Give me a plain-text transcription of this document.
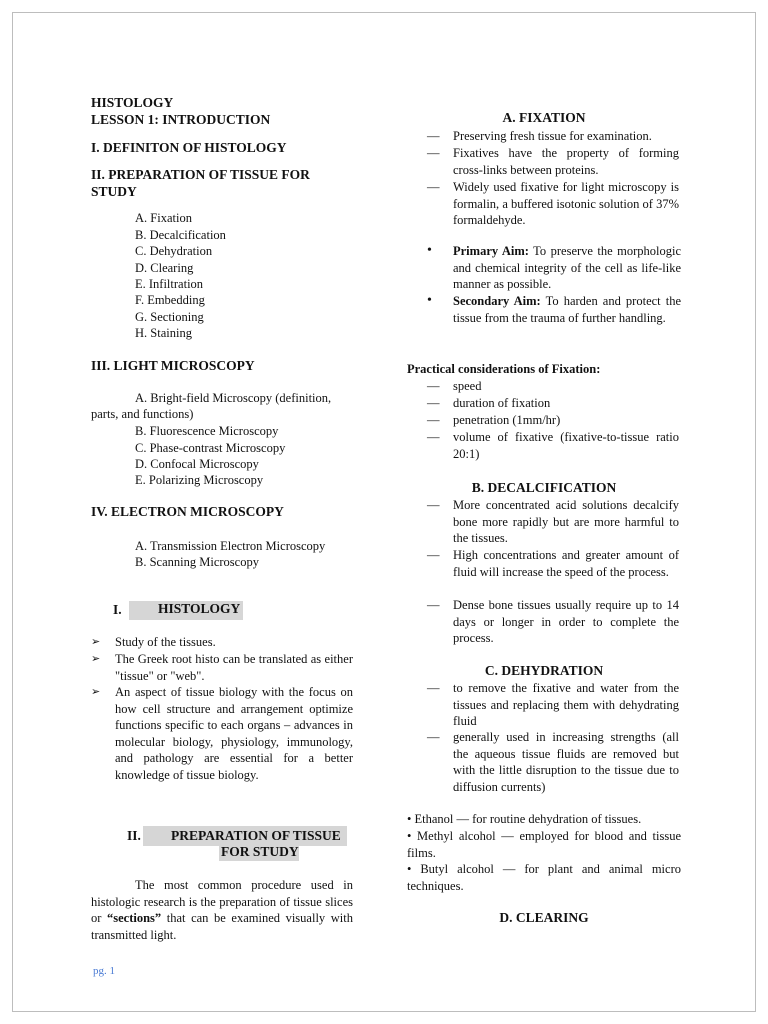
HISTOLOGY
LESSON 1: INTRODUCTION
I. DEFINITON OF HISTOLOGY
II. PREPARATION OF TISSUE FOR
STUDY
A. Fixation
B. Decalcification
C. Dehydration
D. Clearing
E. Infiltration
F. Embedding
G. Sectioning
H. Staining
III. LIGHT MICROSCOPY
A. Bright-field Microscopy (definition,
parts, and functions)
B. Fluorescence Microscopy
C. Phase-contrast Microscopy
D. Confocal Microscopy
E. Polarizing Microscopy
IV. ELECTRON MICROSCOPY
A. Transmission Electron Microscopy
B. Scanning Microscopy
I.	HISTOLOGY
➢	Study of the tissues.
➢	The Greek root histo can be translated as either "tissue" or "web".
➢	An aspect of tissue biology with the focus on how cell structure and arrangement optimize functions specific to each organs – advances in molecular biology, physiology, immunology, and pathology are essential for a better knowledge of tissue biology.
II. PREPARATION OF TISSUE
FOR STUDY
The most common procedure used in histologic research is the preparation of tissue slices or “sections” that can be examined visually with transmitted light.
A. FIXATION
—	Preserving fresh tissue for examination.
—	Fixatives have the property of forming cross-links between proteins.
—	Widely used fixative for light microscopy is formalin, a buffered isotonic solution of 37% formaldehyde.
•	Primary Aim: To preserve the morphologic and chemical integrity of the cell as life-like manner as possible.
•	Secondary Aim: To harden and protect the tissue from the trauma of further handling.
Practical considerations of Fixation:
—	speed
—	duration of fixation
—	penetration (1mm/hr)
—	volume of fixative (fixative-to-tissue ratio 20:1)
B. DECALCIFICATION
—	More concentrated acid solutions decalcify bone more rapidly but are more harmful to the tissues.
—	High concentrations and greater amount of fluid will increase the speed of the process.
—	Dense bone tissues usually require up to 14 days or longer in order to complete the process.
C. DEHYDRATION
—	to remove the fixative and water from the tissues and replacing them with dehydrating fluid
—	generally used in increasing strengths (all the aqueous tissue fluids are removed but with the little disruption to the tissue due to diffusion currents)
• Ethanol — for routine dehydration of tissues.
• Methyl alcohol — employed for blood and tissue films.
• Butyl alcohol — for plant and animal micro techniques.
D. CLEARING
pg. 1
